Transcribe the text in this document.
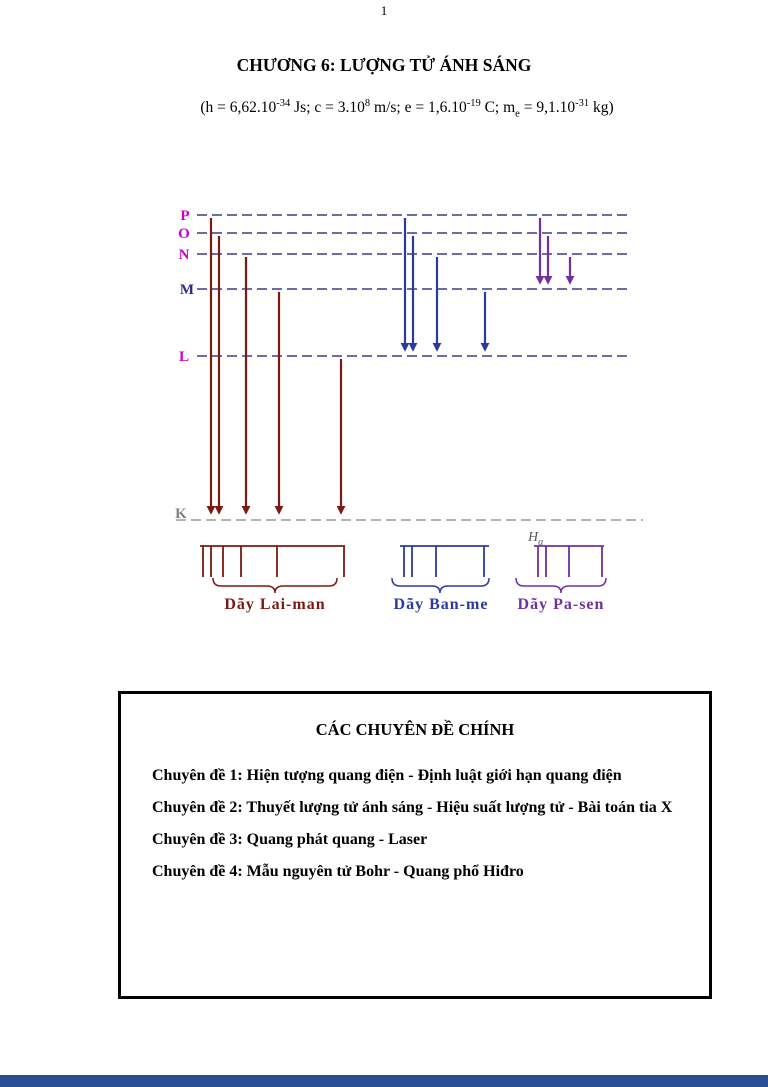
1
CHƯƠNG 6: LƯỢNG TỬ ÁNH SÁNG
($h = 6,62.10^{-34}$ Js; $c = 3.10^8$ m/s; $e = 1,6.10^{-19}$ C; $m_e = 9,1.10^{-31}$ kg)
P
O
N
M
L
K
$H_\alpha$
Dãy Lai-man	Dãy Ban-me Dãy Pa-sen
CÁC CHUYÊN ĐỀ CHÍNH

Chuyên đề 1: Hiện tượng quang điện - Định luật giới hạn quang điện

Chuyên đề 2: Thuyết lượng tử ánh sáng - Hiệu suất lượng tử - Bài toán tia X

Chuyên đề 3: Quang phát quang - Laser

Chuyên đề 4: Mẫu nguyên tử Bohr - Quang phổ Hiđro
